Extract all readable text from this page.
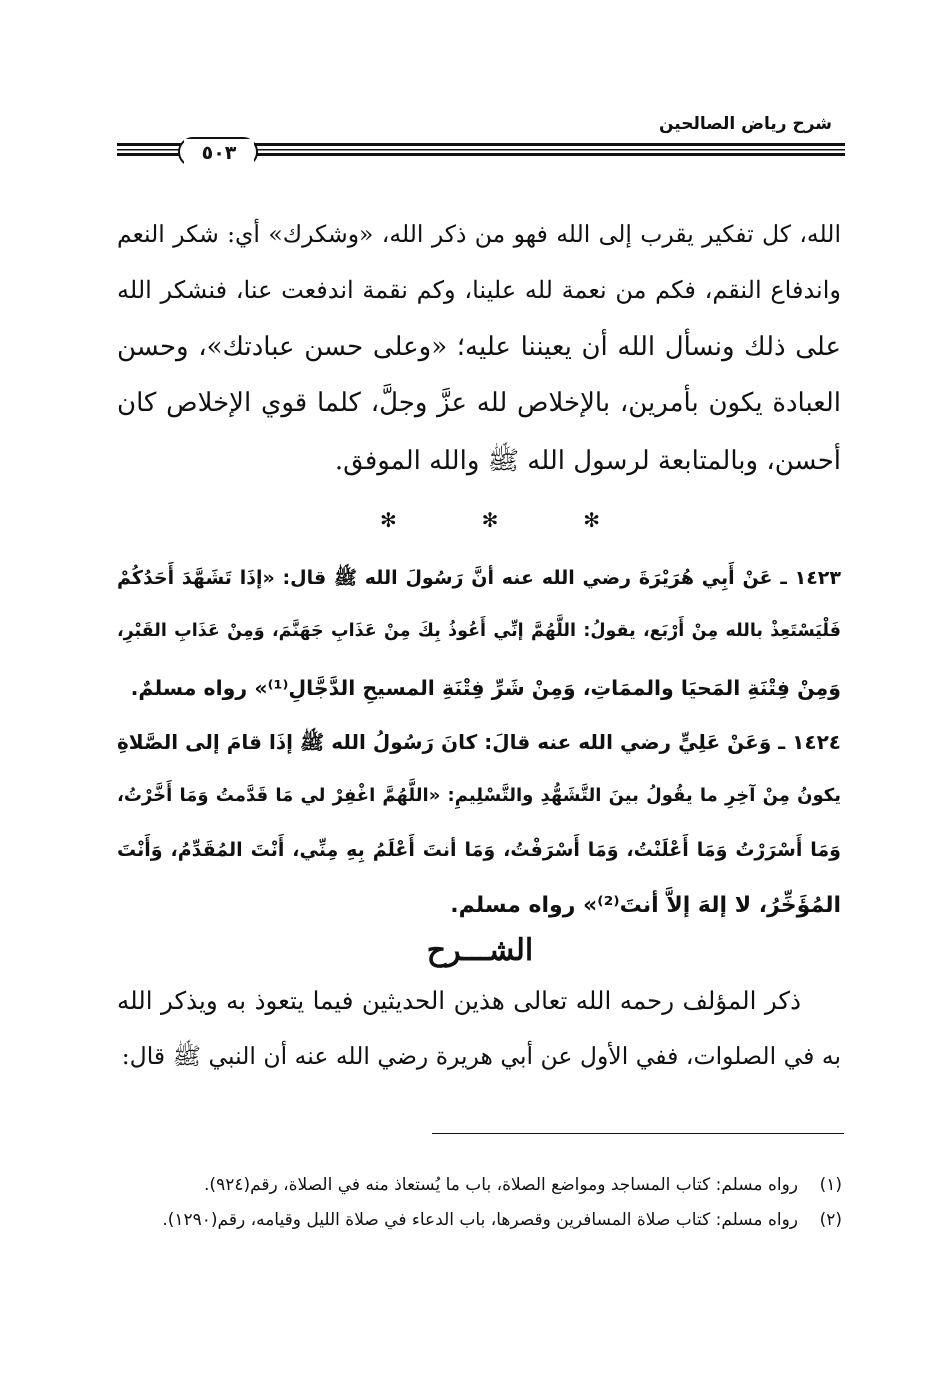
شرح رياض الصالحين
٥٠٣
الله، كل تفكير يقرب إلى الله فهو من ذكر الله، «وشكرك» أي: شكر النعم
واندفاع النقم، فكم من نعمة لله علينا، وكم نقمة اندفعت عنا، فنشكر الله
على ذلك ونسأل الله أن يعيننا عليه؛ «وعلى حسن عبادتك»، وحسن
العبادة يكون بأمرين، بالإخلاص لله عزَّ وجلَّ، كلما قوي الإخلاص كان
أحسن، وبالمتابعة لرسول الله ﷺ والله الموفق.
✻
✻
✻
١٤٢٣ ـ عَنْ أَبِي هُرَيْرَةَ رضي الله عنه أنَّ رَسُولَ الله ﷺ قال: «إذَا تَشَهَّدَ أَحَدُكُمْ
فَلْيَسْتَعِذْ بالله مِنْ أَرْبَع، يقولُ: اللَّهُمَّ إنِّي أَعُوذُ بِكَ مِنْ عَذَابِ جَهَنَّمَ، وَمِنْ عَذَابِ القَبْرِ،
وَمِنْ فِتْنَةِ المَحيَا والممَاتِ، وَمِنْ شَرِّ فِتْنَةِ المسيحِ الدَّجَّالِ⁽¹⁾» رواه مسلمٌ.
١٤٢٤ ـ وَعَنْ عَلِيٍّ رضي الله عنه قالَ: كانَ رَسُولُ الله ﷺ إذَا قامَ إلى الصَّلاةِ
يكونُ مِنْ آخِرِ ما يقُولُ بينَ التَّشَهُّدِ والتَّسْلِيمِ: «اللَّهُمَّ اغْفِرْ لي مَا قَدَّمتُ وَمَا أَخَّرْتُ،
وَمَا أَسْرَرْتُ وَمَا أَعْلَنْتُ، وَمَا أَسْرَفْتُ، وَمَا أنتَ أَعْلَمُ بِهِ مِنِّي، أَنْتَ المُقَدِّمُ، وَأَنْتَ
المُؤَخِّرُ، لا إلهَ إلاَّ أنتَ⁽²⁾» رواه مسلم.
الشـــرح
ذكر المؤلف رحمه الله تعالى هذين الحديثين فيما يتعوذ به ويذكر الله
به في الصلوات، ففي الأول عن أبي هريرة رضي الله عنه أن النبي ﷺ قال:
(١)
رواه مسلم: كتاب المساجد ومواضع الصلاة، باب ما يُستعاذ منه في الصلاة، رقم(٩٢٤).
(٢)
رواه مسلم: كتاب صلاة المسافرين وقصرها، باب الدعاء في صلاة الليل وقيامه، رقم(١٢٩٠).
